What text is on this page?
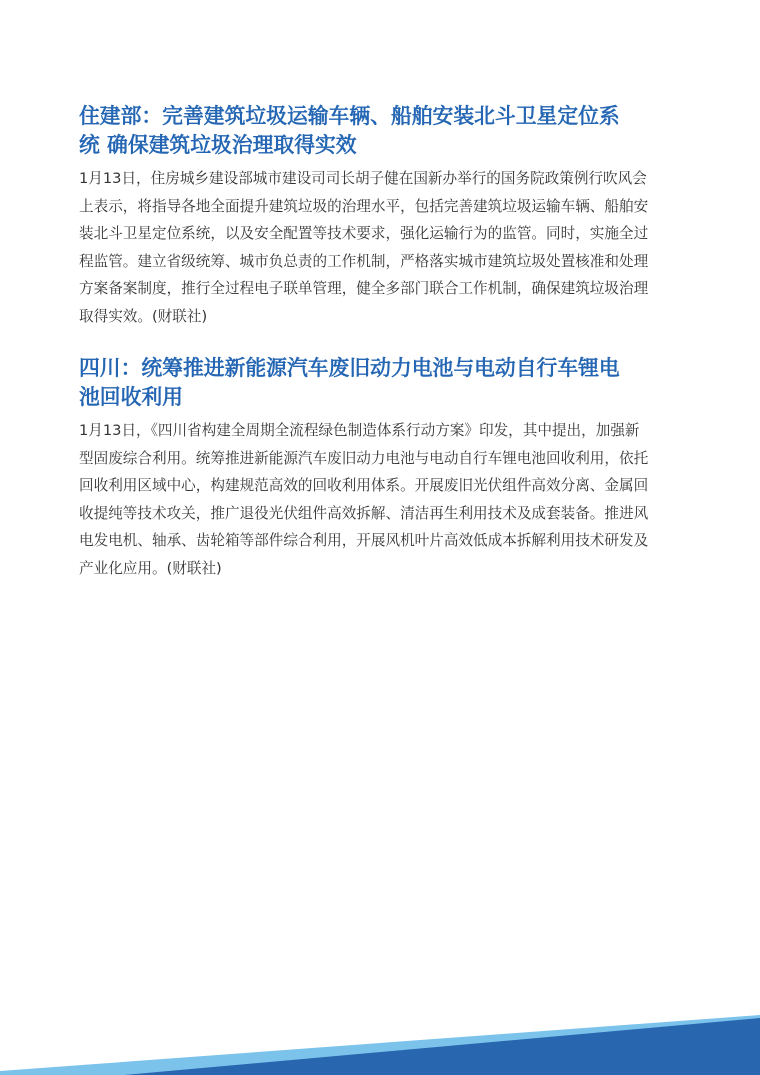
住建部：完善建筑垃圾运输车辆、船舶安装北斗卫星定位系
统 确保建筑垃圾治理取得实效
1月13日，住房城乡建设部城市建设司司长胡子健在国新办举行的国务院政策例行吹风会
上表示，将指导各地全面提升建筑垃圾的治理水平，包括完善建筑垃圾运输车辆、船舶安
装北斗卫星定位系统，以及安全配置等技术要求，强化运输行为的监管。同时，实施全过
程监管。建立省级统筹、城市负总责的工作机制，严格落实城市建筑垃圾处置核准和处理
方案备案制度，推行全过程电子联单管理，健全多部门联合工作机制，确保建筑垃圾治理
取得实效。(财联社)
四川：统筹推进新能源汽车废旧动力电池与电动自行车锂电
池回收利用
1月13日，《四川省构建全周期全流程绿色制造体系行动方案》印发，其中提出，加强新
型固废综合利用。统筹推进新能源汽车废旧动力电池与电动自行车锂电池回收利用，依托
回收利用区域中心，构建规范高效的回收利用体系。开展废旧光伏组件高效分离、金属回
收提纯等技术攻关，推广退役光伏组件高效拆解、清洁再生利用技术及成套装备。推进风
电发电机、轴承、齿轮箱等部件综合利用，开展风机叶片高效低成本拆解利用技术研发及
产业化应用。(财联社)
